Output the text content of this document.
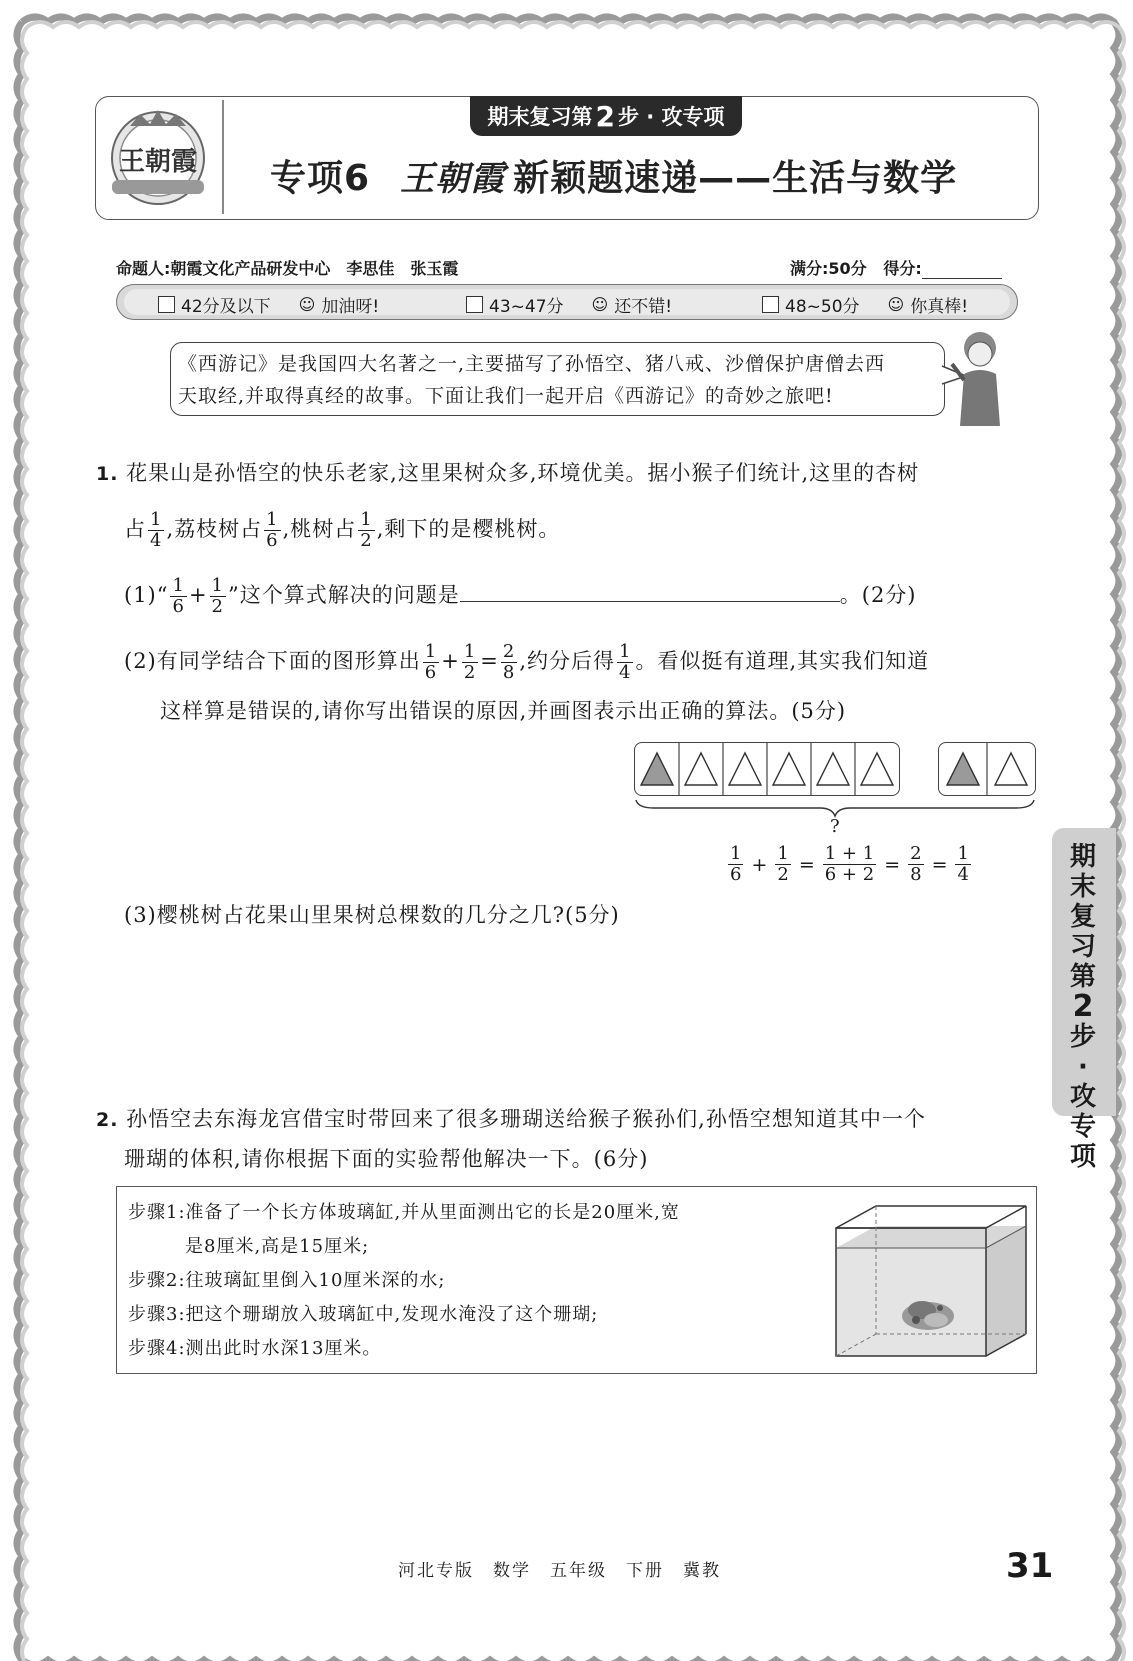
王朝霞
期末复习第 2 步 · 攻专项
专项6 王朝霞 新颖题速递——生活与数学
命题人:朝霞文化产品研发中心　李思佳　张玉霞	满分:50分 得分:
42分及以下 ☺ 加油呀!	43~47分 ☺ 还不错!	48~50分 ☺ 你真棒!
《西游记》是我国四大名著之一,主要描写了孙悟空、猪八戒、沙僧保护唐僧去西
天取经,并取得真经的故事。下面让我们一起开启《西游记》的奇妙之旅吧!
1. 花果山是孙悟空的快乐老家,这里果树众多,环境优美。据小猴子们统计,这里的杏树
占 $\frac{1}{4}$ ,荔枝树占 $\frac{1}{6}$ ,桃树占 $\frac{1}{2}$ ,剩下的是樱桃树。
(1)“ $\frac{1}{6} + \frac{1}{2}$ ”这个算式解决的问题是	。(2分)
(2)有同学结合下面的图形算出 $\frac{1}{6} + \frac{1}{2} = \frac{2}{8}$ ,约分后得 $\frac{1}{4}$ 。看似挺有道理,其实我们知道
这样算是错误的,请你写出错误的原因,并画图表示出正确的算法。(5分)
?
$\frac{1}{6} + \frac{1}{2} = \frac{1 + 1}{6 + 2} = \frac{2}{8} = \frac{1}{4}$
(3)樱桃树占花果山里果树总棵数的几分之几?(5分)
2. 孙悟空去东海龙宫借宝时带回来了很多珊瑚送给猴子猴孙们,孙悟空想知道其中一个
珊瑚的体积,请你根据下面的实验帮他解决一下。(6分)
步骤1:准备了一个长方体玻璃缸,并从里面测出它的长是20厘米,宽
　　　是8厘米,高是15厘米;
步骤2:往玻璃缸里倒入10厘米深的水;
步骤3:把这个珊瑚放入玻璃缸中,发现水淹没了这个珊瑚;
步骤4:测出此时水深13厘米。
期末复习第
2
步·攻专项
河北专版　数学　五年级　下册　冀教	31
